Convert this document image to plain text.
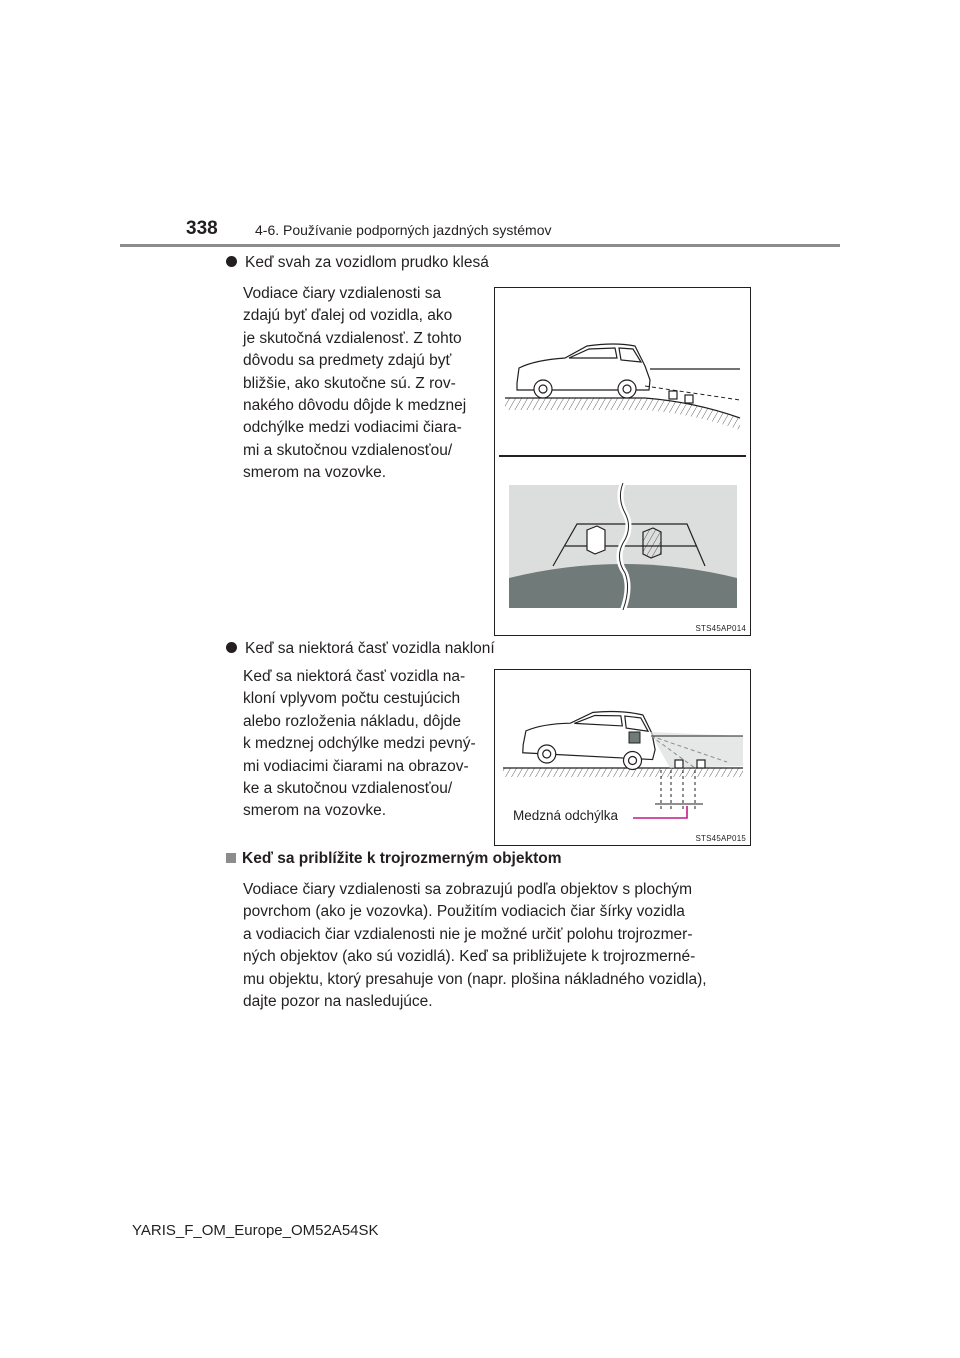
338	4-6. Používanie podporných jazdných systémov
Keď svah za vozidlom prudko klesá
Vodiace čiary vzdialenosti sa
zdajú byť ďalej od vozidla, ako
je skutočná vzdialenosť. Z tohto
dôvodu sa predmety zdajú byť
bližšie, ako skutočne sú. Z rov-
nakého dôvodu dôjde k medznej
odchýlke medzi vodiacimi čiara-
mi a skutočnou vzdialenosťou/
smerom na vozovke.
STS45AP014
Keď sa niektorá časť vozidla nakloní
Keď sa niektorá časť vozidla na-
kloní vplyvom počtu cestujúcich
alebo rozloženia nákladu, dôjde
k medznej odchýlke medzi pevný-
mi vodiacimi čiarami na obrazov-
ke a skutočnou vzdialenosťou/
smerom na vozovke.	Medzná odchýlka
STS45AP015
Keď sa priblížite k trojrozmerným objektom
Vodiace čiary vzdialenosti sa zobrazujú podľa objektov s plochým
povrchom (ako je vozovka). Použitím vodiacich čiar šírky vozidla
a vodiacich čiar vzdialenosti nie je možné určiť polohu trojrozmer-
ných objektov (ako sú vozidlá). Keď sa približujete k trojrozmerné-
mu objektu, ktorý presahuje von (napr. plošina nákladného vozidla),
dajte pozor na nasledujúce.
YARIS_F_OM_Europe_OM52A54SK
